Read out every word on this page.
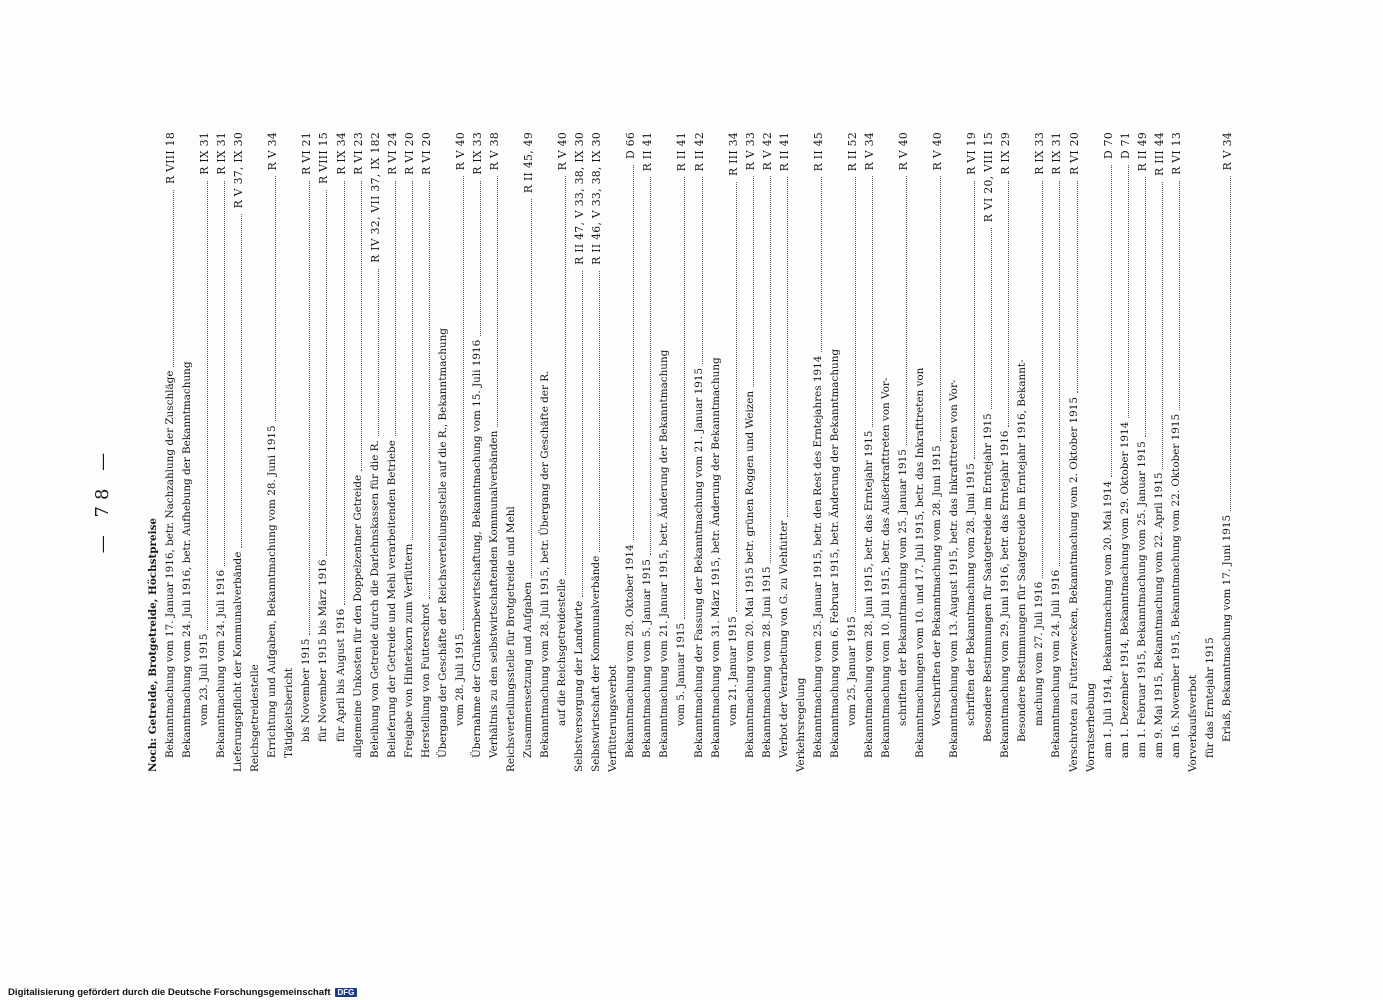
— 78 —
Noch: Getreide, Brotgetreide, Höchstpreise Bekanntmachung vom 17. Januar 1916, betr. Nachzahlung der Zuschläge
R VIII 18
Bekanntmachung vom 24. Juli 1916, betr. Aufhebung der Bekanntmachung vom 23. Juli 1915
R IX 31
Bekanntmachung vom 24. Juli 1916
R IX 31
Lieferungspflicht der Kommunalverbände
R V 37, IX 30
Reichsgetreidestelle Errichtung und Aufgaben, Bekanntmachung vom 28. Juni 1915
R V 34
Tätigkeitsbericht bis November 1915
R VI 21
für November 1915 bis März 1916
R VIII 15
für April bis August 1916
R IX 34
allgemeine Unkosten für den Doppelzentner Getreide
R VI 23
Beleihung von Getreide durch die Darlehnskassen für die R.
R IV 32, VII 37, IX 182
Belieferung der Getreide und Mehl verarbeitenden Betriebe
R VI 24
Freigabe von Hinterkorn zum Verfüttern
R VI 20
Herstellung von Futterschrot
R VI 20
Übergang der Geschäfte der Reichsverteilungsstelle auf die R., Bekanntmachung vom 28. Juli 1915
R V 40
Übernahme der Grünkernbewirtschaftung, Bekanntmachung vom 15. Juli 1916
R IX 33
Verhältnis zu den selbstwirtschaftenden Kommunalverbänden
R V 38
Reichsverteilungsstelle für Brotgetreide und Mehl Zusammensetzung und Aufgaben
R II 45, 49
Bekanntmachung vom 28. Juli 1915, betr. Übergang der Geschäfte der R. auf die Reichsgetreidestelle
R V 40
Selbstversorgung der Landwirte
R II 47, V 33, 38, IX 30
Selbstwirtschaft der Kommunalverbände
R II 46, V 33, 38, IX 30
Verfütterungsverbot Bekanntmachung vom 28. Oktober 1914
D 66
Bekanntmachung vom 5. Januar 1915
R II 41
Bekanntmachung vom 21. Januar 1915, betr. Änderung der Bekanntmachung vom 5. Januar 1915
R II 41
Bekanntmachung der Fassung der Bekanntmachung vom 21. Januar 1915
R II 42
Bekanntmachung vom 31. März 1915, betr. Änderung der Bekanntmachung vom 21. Januar 1915
R III 34
Bekanntmachung vom 20. Mai 1915 betr. grünen Roggen und Weizen
R V 33
Bekanntmachung vom 28. Juni 1915
R V 42
Verbot der Verarbeitung von G. zu Viehfutter
R II 41
Verkehrsregelung Bekanntmachung vom 25. Januar 1915, betr. den Rest des Erntejahres 1914
R II 45
Bekanntmachung vom 6. Februar 1915, betr. Änderung der Bekanntmachung vom 25. Januar 1915
R II 52
Bekanntmachung vom 28. Juni 1915, betr. das Erntejahr 1915
R V 34
Bekanntmachung vom 10. Juli 1915, betr. das Außerkrafttreten von Vor- schriften der Bekanntmachung vom 25. Januar 1915
R V 40
Bekanntmachungen vom 10. und 17. Juli 1915, betr. das Inkrafttreten von Vorschriften der Bekanntmachung vom 28. Juni 1915
R V 40
Bekanntmachung vom 13. August 1915, betr. das Inkrafttreten von Vor- schriften der Bekanntmachung vom 28. Juni 1915
R VI 19
Besondere Bestimmungen für Saatgetreide im Erntejahr 1915
R VI 20, VIII 15
Bekanntmachung vom 29. Juni 1916, betr. das Erntejahr 1916
R IX 29
Besondere Bestimmungen für Saatgetreide im Erntejahr 1916, Bekannt- machung vom 27. Juli 1916
R IX 33
Bekanntmachung vom 24. Juli 1916
R IX 31
Verschroten zu Futterzwecken, Bekanntmachung vom 2. Oktober 1915
R VI 20
Vorratserhebung am 1. Juli 1914, Bekanntmachung vom 20. Mai 1914
D 70
am 1. Dezember 1914, Bekanntmachung vom 29. Oktober 1914
D 71
am 1. Februar 1915, Bekanntmachung vom 25. Januar 1915
R II 49
am 9. Mai 1915, Bekanntmachung vom 22. April 1915
R III 44
am 16. November 1915, Bekanntmachung vom 22. Oktober 1915
R VI 13
Vorverkaufsverbot für das Erntejahr 1915 Erlaß, Bekanntmachung vom 17. Juni 1915
R V 34
Digitalisierung gefördert durch die Deutsche Forschungsgemeinschaft DFG
